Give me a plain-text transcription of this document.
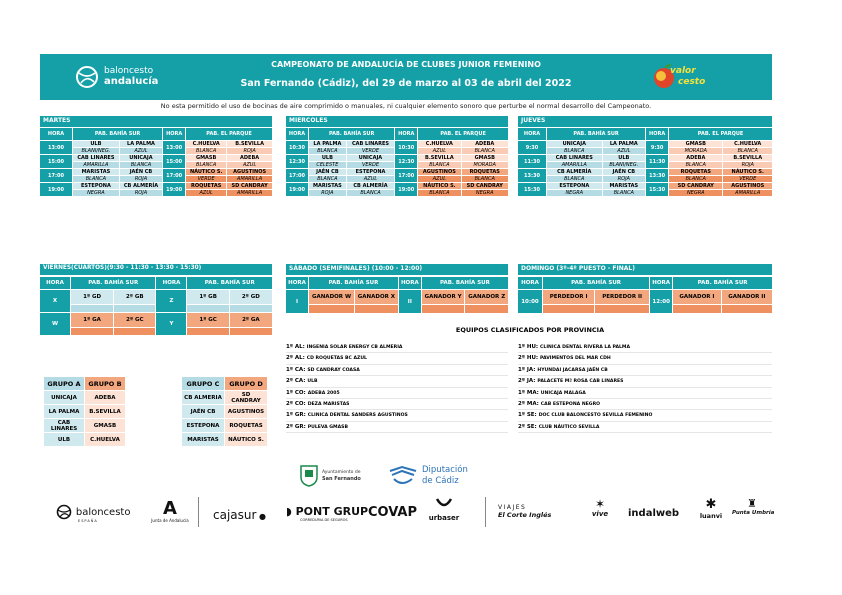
baloncesto
andalucía
CAMPEONATO DE ANDALUCÍA DE CLUBES JUNIOR FEMENINO
San Fernando (Cádiz), del 29 de marzo al 03 de abril del 2022
valor
cesto
No esta permitido el uso de bocinas de aire comprimido o manuales, ni cualquier elemento sonoro que perturbe el normal desarrollo del Campeonato.
MARTES
HORA	PAB. BAHÍA SUR		HORA	PAB. EL PARQUE	
13:00	ULB	LA PALMA	13:00	C.HUELVA	B.SEVILLA
	BLANI/NEG.	AZUL		BLANCA	ROJA
15:00	CAB LINARES	UNICAJA	15:00	GMASB	ADEBA
	AMARILLA	BLANCA		BLANCA	AZUL
17:00	MARISTAS	JAÉN CB	17:00	NÁUTICO S.	AGUSTINOS
	BLANCA	ROJA		VERDE	AMARILLA
19:00	ESTEPONA	CB ALMERÍA	19:00	ROQUETAS	SD CANDRAY
	NEGRA	ROJA		AZUL	AMARILLA
MIERCOLES
HORA	PAB. BAHÍA SUR		HORA	PAB. EL PARQUE	
10:30	LA PALMA	CAB LINARES	10:30	C.HUELVA	ADEBA
	BLANCA	VERDE		AZUL	BLANCA
12:30	ULB	UNICAJA	12:30	B.SEVILLA	GMASB
	CELESTE	VERDE		BLANCA	MORADA
17:00	JAÉN CB	ESTEPONA	17:00	AGUSTINOS	ROQUETAS
	BLANCA	AZUL		AZUL	BLANCA
19:00	MARISTAS	CB ALMERÍA	19:00	NÁUTICO S.	SD CANDRAY
	ROJA	BLANCA		BLANCA	NEGRA
JUEVES
HORA	PAB. BAHÍA SUR		HORA	PAB. EL PARQUE	
9:30	UNICAJA	LA PALMA	9:30	GMASB	C.HUELVA
	BLANCA	AZUL		MORADA	BLANCA
11:30	CAB LINARES	ULB	11:30	ADEBA	B.SEVILLA
	AMARILLA	BLANI/NEG.		BLANCA	ROJA
13:30	CB ALMERÍA	JAÉN CB	13:30	ROQUETAS	NÁUTICO S.
	BLANCA	ROJA		BLANCA	VERDE
15:30	ESTEPONA	MARISTAS	15:30	SD CANDRAY	AGUSTINOS
	NEGRA	BLANCA		NEGRA	AMARILLA
VIERNES(CUARTOS)(9:30 - 11:30 - 13:30 - 15:30)
HORA	PAB. BAHÍA SUR		HORA	PAB. BAHÍA SUR	
X	1º GD	2º GB	Z	1º GB	2º GD

W	1º GA	2º GC	Y	1º GC	2º GA

SÁBADO (SEMIFINALES) (10:00 - 12:00)
HORA	PAB. BAHÍA SUR		HORA	PAB. BAHÍA SUR	
I	GANADOR W	GANADOR X	II	GANADOR Y	GANADOR Z

DOMINGO (3º-4º PUESTO - FINAL)
HORA	PAB. BAHÍA SUR		HORA	PAB. BAHÍA SUR	
10:00	PERDEDOR I	PERDEDOR II	12:00	GANADOR I	GANADOR II

EQUIPOS CLASIFICADOS POR PROVINCIA
1º AL: INGENIA SOLAR ENERGY CB ALMERIA
2º AL: CD ROQUETAS BC AZUL
1º CA: SD CANDRAY COASA
2º CA: ULB
1º CO: ADEBA 2005
2º CO: DEZA MARISTAS
1º GR: CLINICA DENTAL SANDERS AGUSTINOS
2º GR: PULEVA GMASB
1º HU: CLINICA DENTAL RIVERA LA PALMA
2º HU: PAVIMENTOS DEL MAR CDH
1º JA: HYUNDAI JACARSA JAÉN CB
2º JA: PALACETE Mª ROSA CAB LINARES
1º MA: UNICAJA MALAGA
2º MA: CAB ESTEPONA NEGRO
1º SE: DOC CLUB BALONCESTO SEVILLA FEMENINO
2º SE: CLUB NÁUTICO SEVILLA
GRUPO A	GRUPO B
UNICAJA	ADEBA
LA PALMA	B.SEVILLA
CAB LINARES	GMASB
ULB	C.HUELVA
GRUPO C	GRUPO D
CB ALMERIA	SD CANDRAY
JAÉN CB	AGUSTINOS
ESTEPONA	ROQUETAS
MARISTAS	NÁUTICO S.
Ayuntamiento de
San Fernando
Diputación
de Cádiz
baloncesto
ESPAÑA
A
Junta de Andalucía cajasur ● ◗ PONT GRUP
CORREDURIA DE SEGUROS COVAP urbaser
VIAJES
El Corte Inglés
✶
vive	indalweb
✱
luanvi
♜
Punta Umbría
